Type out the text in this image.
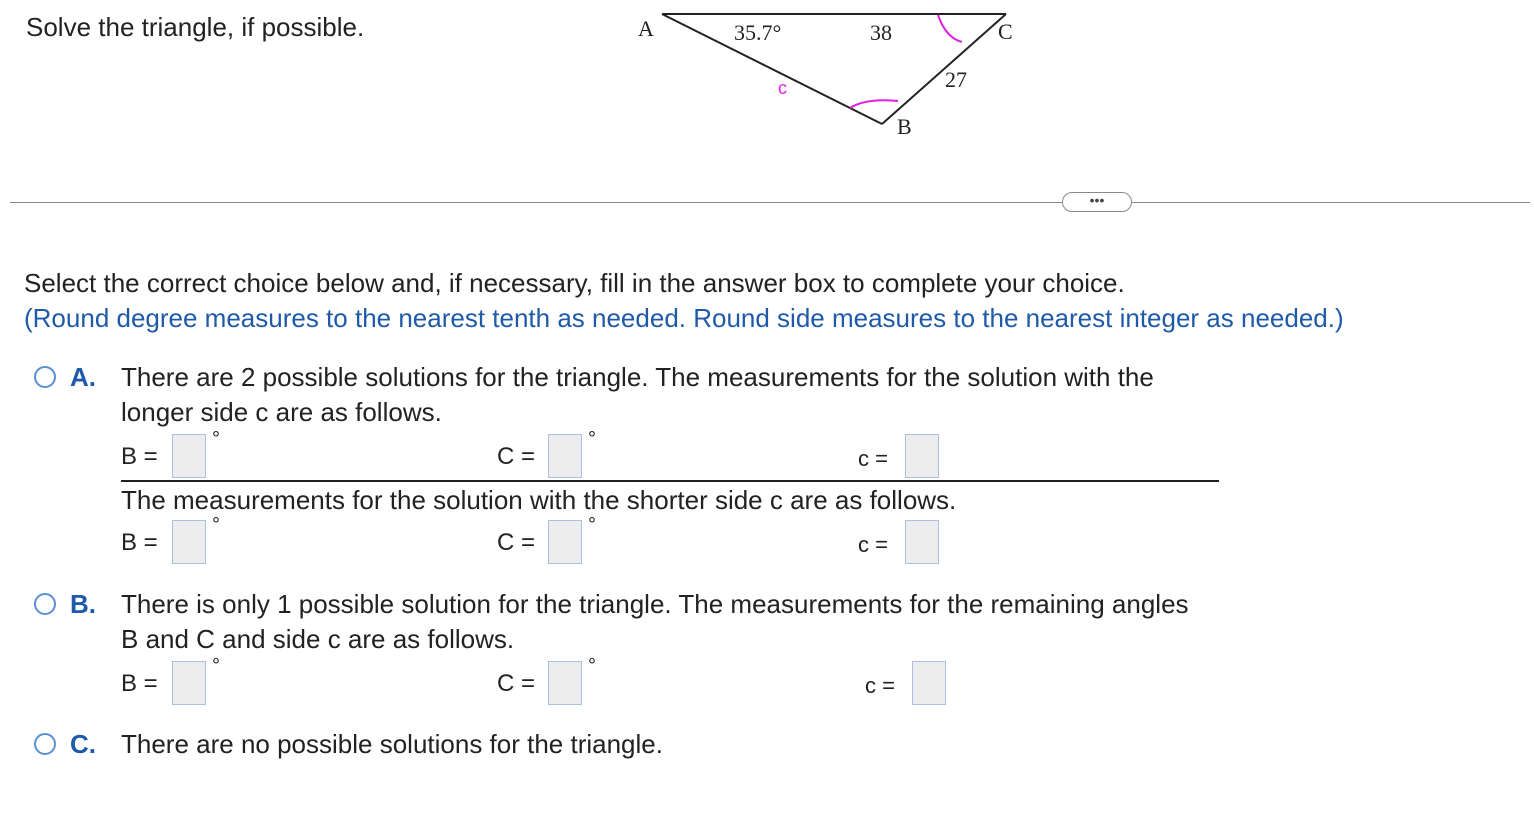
Solve the triangle, if possible.	A	C
B
35.7°	38
27
c
•••
Select the correct choice below and, if necessary, fill in the answer box to complete your choice.
(Round degree measures to the nearest tenth as needed. Round side measures to the nearest integer as needed.)
A. There are 2 possible solutions for the triangle. The measurements for the solution with the longer side c are as follows.
B =
°
C =
°
c =
The measurements for the solution with the shorter side c are as follows.
B =
°
C =
°
c =
B. There is only 1 possible solution for the triangle. The measurements for the remaining angles B and C and side c are as follows.
B =
°
C =
°
c =
C. There are no possible solutions for the triangle.
